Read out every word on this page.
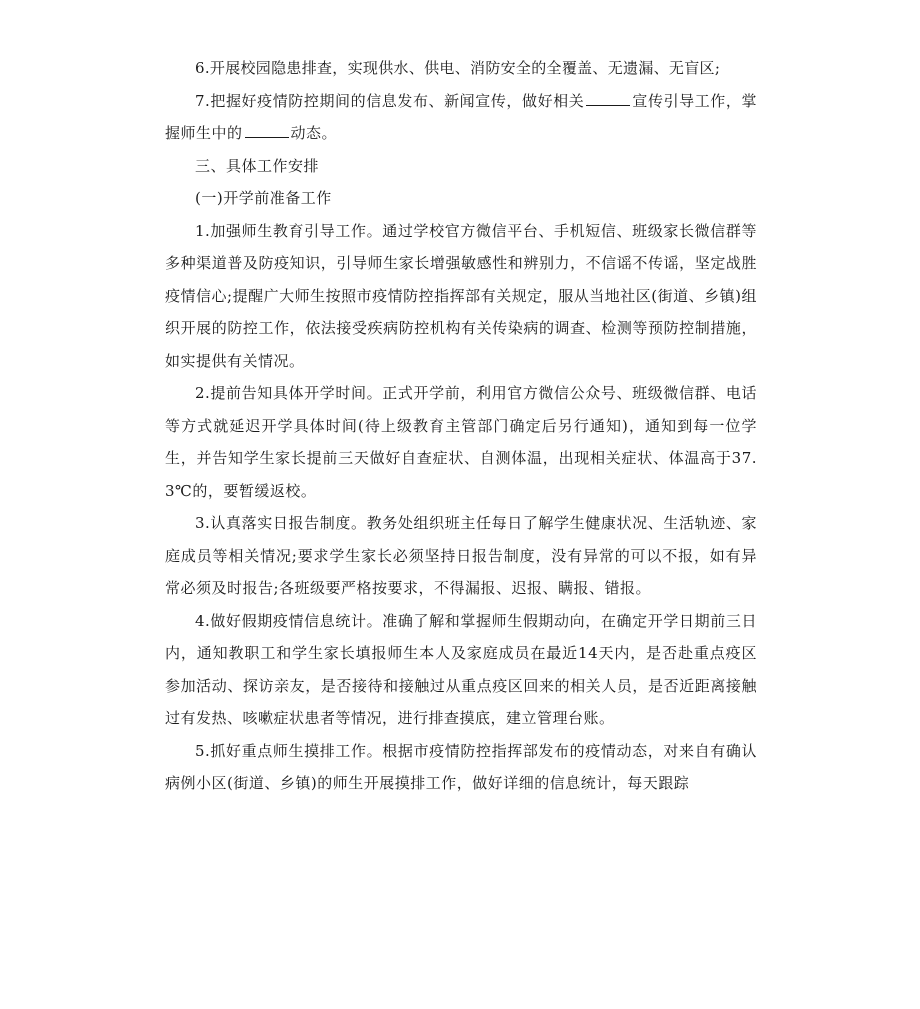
6.开展校园隐患排查，实现供水、供电、消防安全的全覆盖、无遗漏、无盲区;

7.把握好疫情防控期间的信息发布、新闻宣传，做好相关	宣传引导工作，掌握师生中的	动态。

三、具体工作安排

(一)开学前准备工作

1.加强师生教育引导工作。通过学校官方微信平台、手机短信、班级家长微信群等多种渠道普及防疫知识，引导师生家长增强敏感性和辨别力，不信谣不传谣，坚定战胜疫情信心;提醒广大师生按照市疫情防控指挥部有关规定，服从当地社区(街道、乡镇)组织开展的防控工作，依法接受疾病防控机构有关传染病的调查、检测等预防控制措施，如实提供有关情况。

2.提前告知具体开学时间。正式开学前，利用官方微信公众号、班级微信群、电话等方式就延迟开学具体时间(待上级教育主管部门确定后另行通知)，通知到每一位学生，并告知学生家长提前三天做好自查症状、自测体温，出现相关症状、体温高于37.3℃的，要暂缓返校。

3.认真落实日报告制度。教务处组织班主任每日了解学生健康状况、生活轨迹、家庭成员等相关情况;要求学生家长必须坚持日报告制度，没有异常的可以不报，如有异常必须及时报告;各班级要严格按要求，不得漏报、迟报、瞒报、错报。

4.做好假期疫情信息统计。准确了解和掌握师生假期动向，在确定开学日期前三日内，通知教职工和学生家长填报师生本人及家庭成员在最近14天内，是否赴重点疫区参加活动、探访亲友，是否接待和接触过从重点疫区回来的相关人员，是否近距离接触过有发热、咳嗽症状患者等情况，进行排查摸底，建立管理台账。

5.抓好重点师生摸排工作。根据市疫情防控指挥部发布的疫情动态，对来自有确认病例小区(街道、乡镇)的师生开展摸排工作，做好详细的信息统计，每天跟踪
